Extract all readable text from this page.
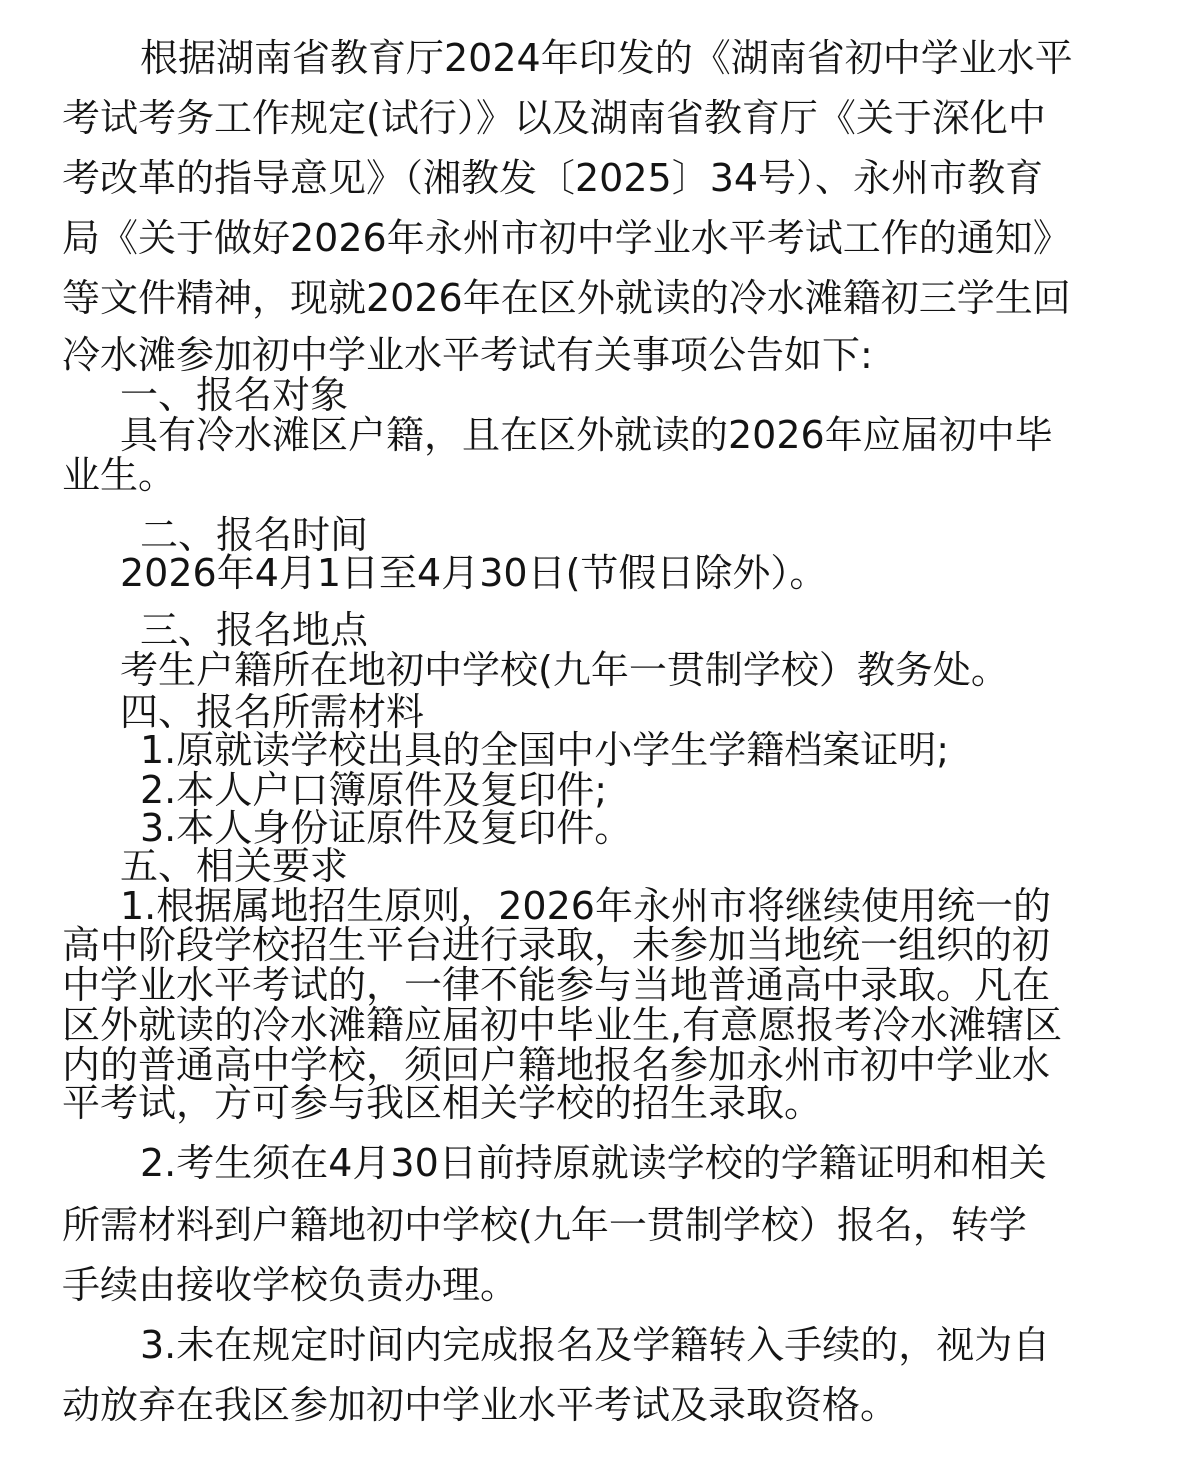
根据湖南省教育厅2024年印发的《湖南省初中学业水平
考试考务工作规定(试行）》以及湖南省教育厅《关于深化中
考改革的指导意见》（湘教发〔2025〕34号）、永州市教育
局《关于做好2026年永州市初中学业水平考试工作的通知》
等文件精神，现就2026年在区外就读的冷水滩籍初三学生回
冷水滩参加初中学业水平考试有关事项公告如下:
一、报名对象
具有冷水滩区户籍，且在区外就读的2026年应届初中毕
业生。
二、报名时间
2026年4月1日至4月30日(节假日除外）。
三、报名地点
考生户籍所在地初中学校(九年一贯制学校）教务处。
四、报名所需材料
1.原就读学校出具的全国中小学生学籍档案证明;
2.本人户口簿原件及复印件;
3.本人身份证原件及复印件。
五、相关要求
1.根据属地招生原则，2026年永州市将继续使用统一的
高中阶段学校招生平台进行录取，未参加当地统一组织的初
中学业水平考试的，一律不能参与当地普通高中录取。凡在
区外就读的冷水滩籍应届初中毕业生,有意愿报考冷水滩辖区
内的普通高中学校，须回户籍地报名参加永州市初中学业水
平考试，方可参与我区相关学校的招生录取。
2.考生须在4月30日前持原就读学校的学籍证明和相关
所需材料到户籍地初中学校(九年一贯制学校）报名，转学
手续由接收学校负责办理。
3.未在规定时间内完成报名及学籍转入手续的，视为自
动放弃在我区参加初中学业水平考试及录取资格。
